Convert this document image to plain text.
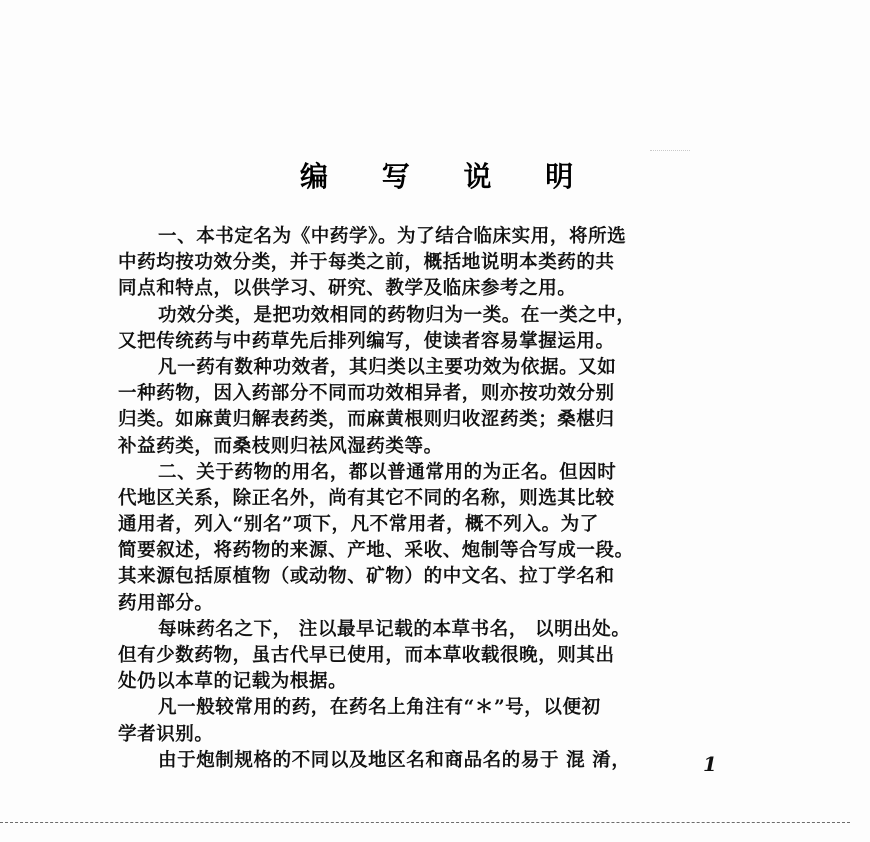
编 写 说 明
一、本书定名为《中药学》。为了结合临床实用，将所选
中药均按功效分类，并于每类之前，概括地说明本类药的共
同点和特点，以供学习、研究、教学及临床参考之用。
功效分类，是把功效相同的药物归为一类。在一类之中，
又把传统药与中药草先后排列编写，使读者容易掌握运用。
凡一药有数种功效者，其归类以主要功效为依据。又如
一种药物，因入药部分不同而功效相异者，则亦按功效分别
归类。如麻黄归解表药类，而麻黄根则归收涩药类；桑椹归
补益药类，而桑枝则归祛风湿药类等。
二、关于药物的用名，都以普通常用的为正名。但因时
代地区关系，除正名外，尚有其它不同的名称，则选其比较
通用者，列入“别名”项下，凡不常用者，概不列入。为了
简要叙述，将药物的来源、产地、采收、炮制等合写成一段。
其来源包括原植物（或动物、矿物）的中文名、拉丁学名和
药用部分。
每味药名之下， 注以最早记载的本草书名， 以明出处。
但有少数药物，虽古代早已使用，而本草收载很晚，则其出
处仍以本草的记载为根据。
凡一般较常用的药，在药名上角注有“＊”号，以便初
学者识别。
由于炮制规格的不同以及地区名和商品名的易于 混 淆，	1
